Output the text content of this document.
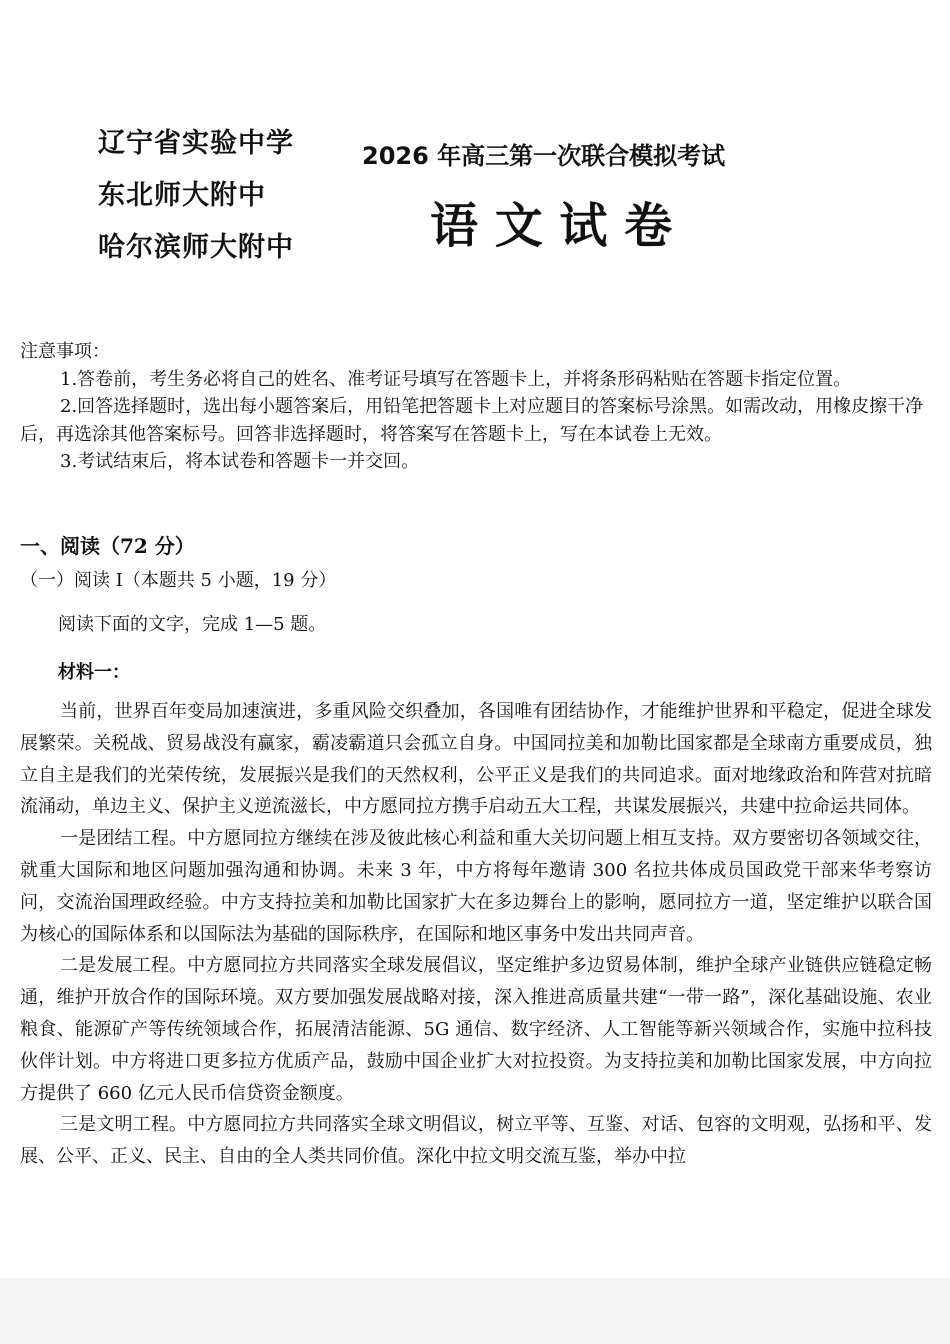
辽宁省实验中学
东北师大附中
哈尔滨师大附中
2026 年高三第一次联合模拟考试
语 文 试 卷

注意事项：

1.答卷前，考生务必将自己的姓名、准考证号填写在答题卡上，并将条形码粘贴在答题卡指定位置。

2.回答选择题时，选出每小题答案后，用铅笔把答题卡上对应题目的答案标号涂黑。如需改动，用橡皮擦干净后，再选涂其他答案标号。回答非选择题时，将答案写在答题卡上，写在本试卷上无效。

3.考试结束后，将本试卷和答题卡一并交回。

一、阅读（72 分）
（一）阅读 I（本题共 5 小题，19 分）
阅读下面的文字，完成 1—5 题。
材料一：

当前，世界百年变局加速演进，多重风险交织叠加，各国唯有团结协作，才能维护世界和平稳定，促进全球发展繁荣。关税战、贸易战没有赢家，霸凌霸道只会孤立自身。中国同拉美和加勒比国家都是全球南方重要成员，独立自主是我们的光荣传统，发展振兴是我们的天然权利，公平正义是我们的共同追求。面对地缘政治和阵营对抗暗流涌动，单边主义、保护主义逆流滋长，中方愿同拉方携手启动五大工程，共谋发展振兴，共建中拉命运共同体。

一是团结工程。中方愿同拉方继续在涉及彼此核心利益和重大关切问题上相互支持。双方要密切各领域交往，就重大国际和地区问题加强沟通和协调。未来 3 年，中方将每年邀请 300 名拉共体成员国政党干部来华考察访问，交流治国理政经验。中方支持拉美和加勒比国家扩大在多边舞台上的影响，愿同拉方一道，坚定维护以联合国为核心的国际体系和以国际法为基础的国际秩序，在国际和地区事务中发出共同声音。

二是发展工程。中方愿同拉方共同落实全球发展倡议，坚定维护多边贸易体制，维护全球产业链供应链稳定畅通，维护开放合作的国际环境。双方要加强发展战略对接，深入推进高质量共建“一带一路”，深化基础设施、农业粮食、能源矿产等传统领域合作，拓展清洁能源、5G 通信、数字经济、人工智能等新兴领域合作，实施中拉科技伙伴计划。中方将进口更多拉方优质产品，鼓励中国企业扩大对拉投资。为支持拉美和加勒比国家发展，中方向拉方提供了 660 亿元人民币信贷资金额度。

三是文明工程。中方愿同拉方共同落实全球文明倡议，树立平等、互鉴、对话、包容的文明观，弘扬和平、发展、公平、正义、民主、自由的全人类共同价值。深化中拉文明交流互鉴，举办中拉
